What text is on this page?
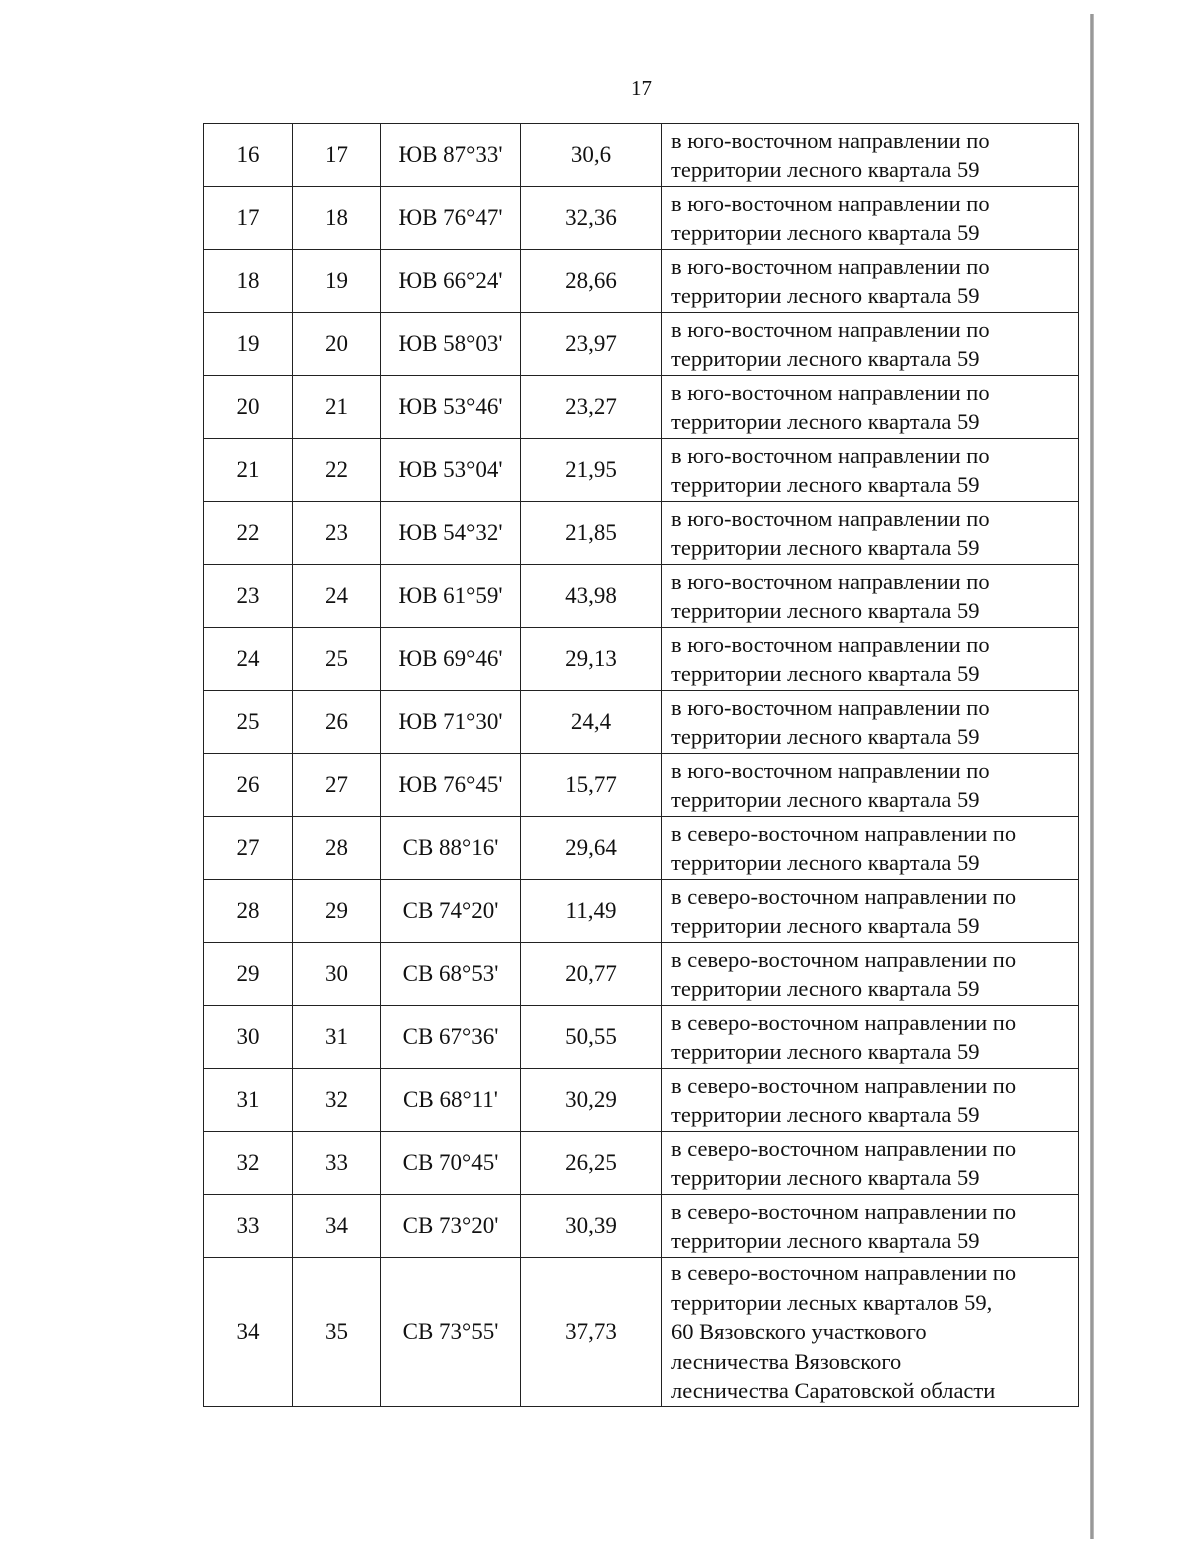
17
16	17	ЮВ 87°33'	30,6	в юго-восточном направлении по
территории лесного квартала 59

17	18	ЮВ 76°47'	32,36	в юго-восточном направлении по
территории лесного квартала 59

18	19	ЮВ 66°24'	28,66	в юго-восточном направлении по
территории лесного квартала 59

19	20	ЮВ 58°03'	23,97	в юго-восточном направлении по
территории лесного квартала 59

20	21	ЮВ 53°46'	23,27	в юго-восточном направлении по
территории лесного квартала 59

21	22	ЮВ 53°04'	21,95	в юго-восточном направлении по
территории лесного квартала 59

22	23	ЮВ 54°32'	21,85	в юго-восточном направлении по
территории лесного квартала 59

23	24	ЮВ 61°59'	43,98	в юго-восточном направлении по
территории лесного квартала 59

24	25	ЮВ 69°46'	29,13	в юго-восточном направлении по
территории лесного квартала 59

25	26	ЮВ 71°30'	24,4	в юго-восточном направлении по
территории лесного квартала 59

26	27	ЮВ 76°45'	15,77	в юго-восточном направлении по
территории лесного квартала 59

27	28	СВ 88°16'	29,64	в северо-восточном направлении по
территории лесного квартала 59

28	29	СВ 74°20'	11,49	в северо-восточном направлении по
территории лесного квартала 59

29	30	СВ 68°53'	20,77	в северо-восточном направлении по
территории лесного квартала 59

30	31	СВ 67°36'	50,55	в северо-восточном направлении по
территории лесного квартала 59

31	32	СВ 68°11'	30,29	в северо-восточном направлении по
территории лесного квартала 59

32	33	СВ 70°45'	26,25	в северо-восточном направлении по
территории лесного квартала 59

33	34	СВ 73°20'	30,39	в северо-восточном направлении по
территории лесного квартала 59

34	35	СВ 73°55'	37,73	в северо-восточном направлении по
территории лесных кварталов 59,
60 Вязовского участкового
лесничества Вязовского
лесничества Саратовской области
